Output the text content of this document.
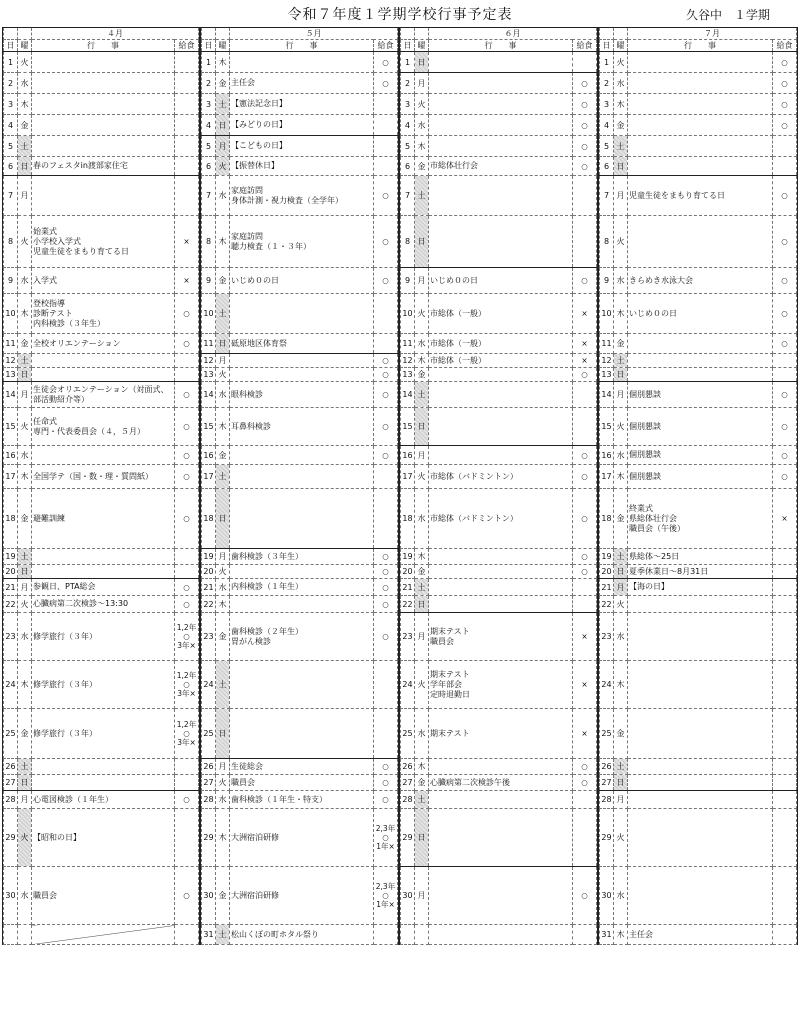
令和７年度１学期学校行事予定表	久谷中　１学期
		４月	
日	曜	行　　事	給食
1	火		
2	水		
3	木		
4	金		
5	土		
6	日	春のフェスタin渡部家住宅	
7	月		
8	火	始業式
小学校入学式
児童生徒をまもり育てる日	×
9	水	入学式	×
10	木	登校指導
診断テスト
内科検診（３年生）	○
11	金	全校オリエンテーション	○
12	土		
13	日		
14	月	生徒会オリエンテーション（対面式、部活動紹介等）	○
15	火	任命式
専門・代表委員会（４，５月）	○
16	水		○
17	木	全国学テ（国・数・理・質問紙）	○
18	金	避難訓練	○
19	土		
20	日		
21	月	参観日、PTA総会	○
22	火	心臓病第二次検診～13:30	○
23	水	修学旅行（３年）	1,2年
○
3年×
24	木	修学旅行（３年）	1,2年
○
3年×
25	金	修学旅行（３年）	1,2年
○
3年×
26	土		
27	日		
28	月	心電図検診（１年生）	○
29	火	【昭和の日】	
30	水	職員会	○

		５月	
日	曜	行　　事	給食
1	木		○
2	金	主任会	○
3	土	【憲法記念日】	
4	日	【みどりの日】	
5	月	【こどもの日】	
6	火	【振替休日】	
7	水	家庭訪問
身体計測・視力検査（全学年）	○
8	木	家庭訪問
聴力検査（１・３年）	○
9	金	いじめ０の日	○
10	土		
11	日	砥原地区体育祭	
12	月		○
13	火		○
14	水	眼科検診	○
15	木	耳鼻科検診	○
16	金		○
17	土		
18	日		
19	月	歯科検診（３年生）	○
20	火		○
21	水	内科検診（１年生）	○
22	木		○
23	金	歯科検診（２年生）
胃がん検診	○
24	土		
25	日		
26	月	生徒総会	○
27	火	職員会	○
28	水	歯科検診（１年生・特支）	○
29	木	大洲宿泊研修	2,3年
○
1年×
30	金	大洲宿泊研修	2,3年
○
1年×
31	土	松山くぼの町ホタル祭り	
		６月	
日	曜	行　　事	給食
1	日		
2	月		○
3	火		○
4	水		○
5	木		○
6	金	市総体壮行会	○
7	土		
8	日		
9	月	いじめ０の日	○
10	火	市総体（一般）	×
11	水	市総体（一般）	×
12	木	市総体（一般）	×
13	金		○
14	土		
15	日		
16	月		○
17	火	市総体（バドミントン）	○
18	水	市総体（バドミントン）	○
19	木		○
20	金		○
21	土		
22	日		
23	月	期末テスト
職員会	×
24	火	期末テスト
学年部会
定時退勤日	×
25	水	期末テスト	×
26	木		○
27	金	心臓病第二次検診午後	○
28	土		
29	日		
30	月		○

		７月	
日	曜	行　　事	給食
1	火		○
2	水		○
3	木		○
4	金		○
5	土		
6	日		
7	月	児童生徒をまもり育てる日	○
8	火		○
9	水	きらめき水泳大会	○
10	木	いじめ０の日	○
11	金		○
12	土		
13	日		
14	月	個別懇談	○
15	火	個別懇談	○
16	水	個別懇談	○
17	木	個別懇談	○
18	金	終業式
県総体壮行会
職員会（午後）	×
19	土	県総体～25日	
20	日	夏季休業日～8月31日	
21	月	【海の日】	
22	火		
23	水		
24	木		
25	金		
26	土		
27	日		
28	月		
29	火		
30	水		
31	木	主任会	
